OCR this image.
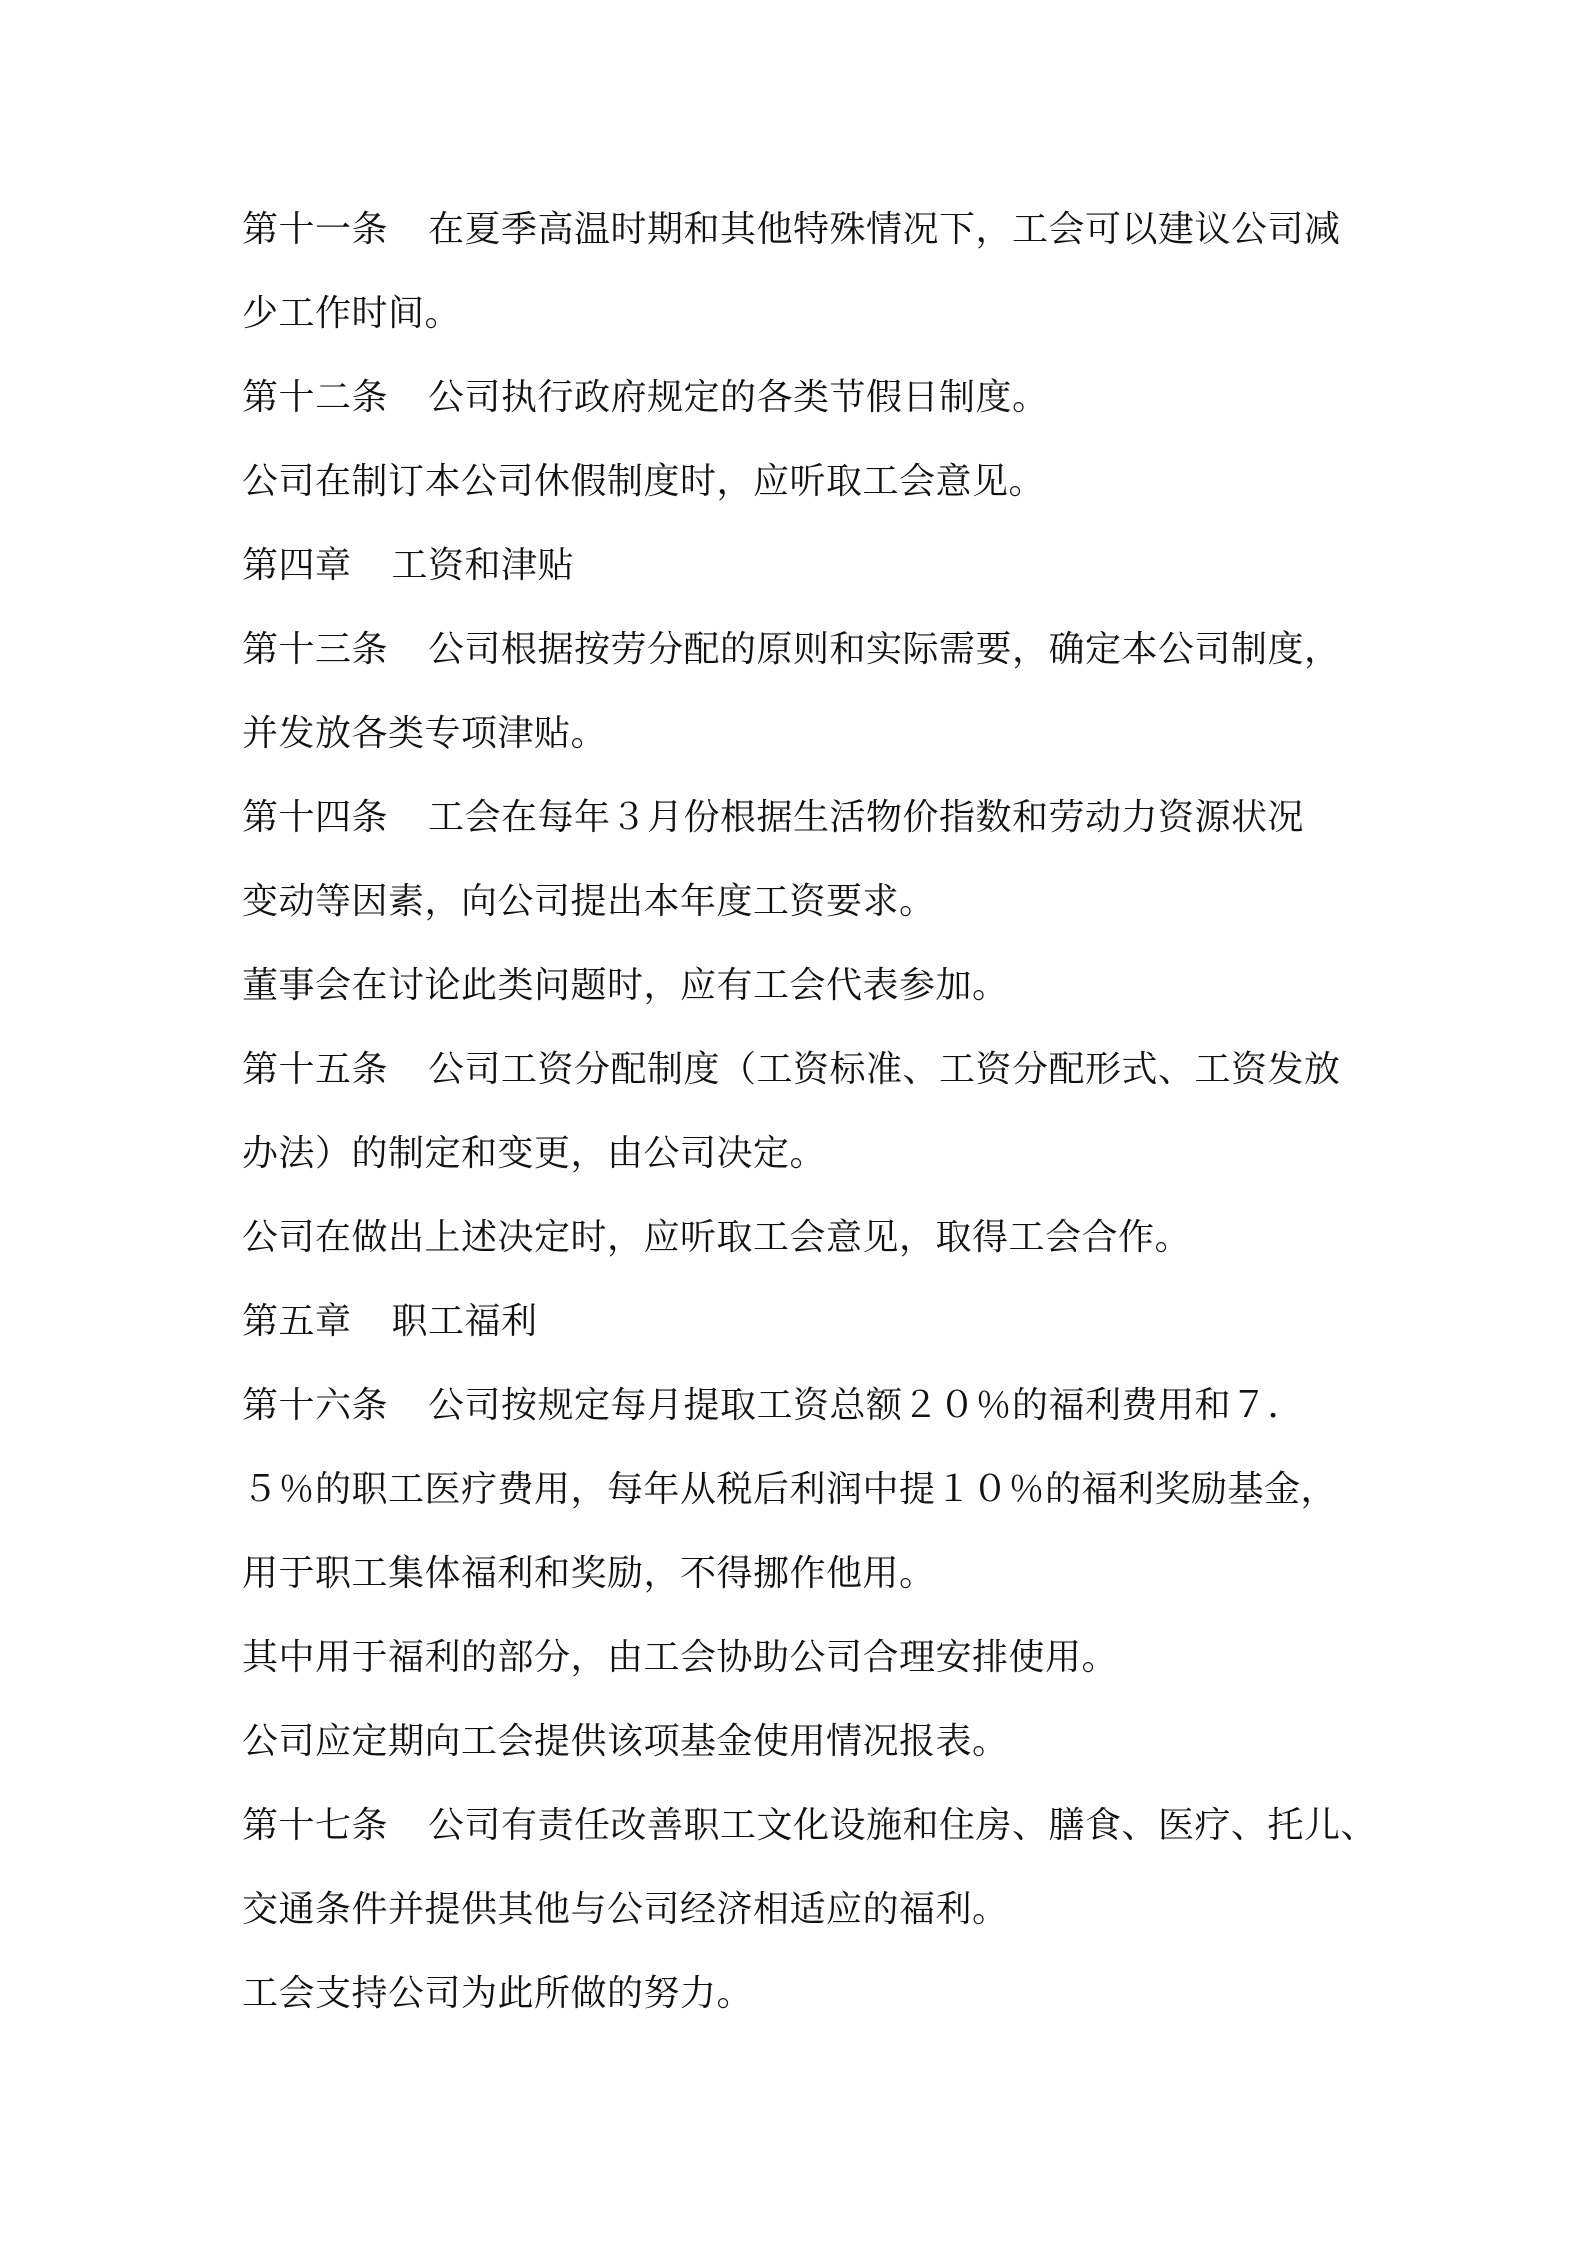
第十一条 在夏季高温时期和其他特殊情况下，工会可以建议公司减
少工作时间。
第十二条 公司执行政府规定的各类节假日制度。
公司在制订本公司休假制度时，应听取工会意见。
第四章 工资和津贴
第十三条 公司根据按劳分配的原则和实际需要，确定本公司制度，
并发放各类专项津贴。
第十四条 工会在每年３月份根据生活物价指数和劳动力资源状况
变动等因素，向公司提出本年度工资要求。
董事会在讨论此类问题时，应有工会代表参加。
第十五条 公司工资分配制度（工资标准、工资分配形式、工资发放
办法）的制定和变更，由公司决定。
公司在做出上述决定时，应听取工会意见，取得工会合作。
第五章 职工福利
第十六条 公司按规定每月提取工资总额２０％的福利费用和７．
５％的职工医疗费用，每年从税后利润中提１０％的福利奖励基金，
用于职工集体福利和奖励，不得挪作他用。
其中用于福利的部分，由工会协助公司合理安排使用。
公司应定期向工会提供该项基金使用情况报表。
第十七条 公司有责任改善职工文化设施和住房、膳食、医疗、托儿、
交通条件并提供其他与公司经济相适应的福利。
工会支持公司为此所做的努力。
